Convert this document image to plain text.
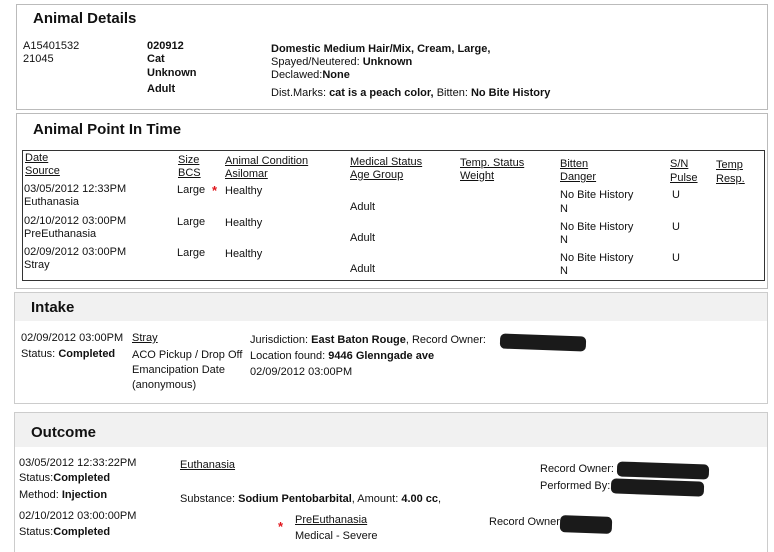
Animal Details
A15401532
21045
020912
Cat
Unknown
Adult
Domestic Medium Hair/Mix, Cream, Large,
Spayed/Neutered: Unknown
Declawed:None
Dist.Marks: cat is a peach color, Bitten: No Bite History
Animal Point In Time
Date
Source
Size
BCS
Animal Condition
Asilomar
Medical Status
Age Group
Temp. Status
Weight
Bitten
Danger
S/N
Pulse
Temp
Resp.
03/05/2012 12:33PM
Euthanasia
Large * Healthy
Adult
No Bite History
N
U
02/10/2012 03:00PM
PreEuthanasia
Large Healthy
Adult
No Bite History
N
U
02/09/2012 03:00PM
Stray
Large Healthy
Adult
No Bite History
N
U
Intake
02/09/2012 03:00PM Stray	Jurisdiction: East Baton Rouge, Record Owner:
Status: Completed ACO Pickup / Drop Off Location found: 9446 Glenngade ave
Emancipation Date 02/09/2012 03:00PM
(anonymous)
Outcome
03/05/2012 12:33:22PM
Status:Completed
Method: Injection
Euthanasia
Substance: Sodium Pentobarbital, Amount: 4.00 cc,
Record Owner:
Performed By:
02/10/2012 03:00:00PM
Status:Completed	* PreEuthanasia
Medical - Severe
Record Owner
